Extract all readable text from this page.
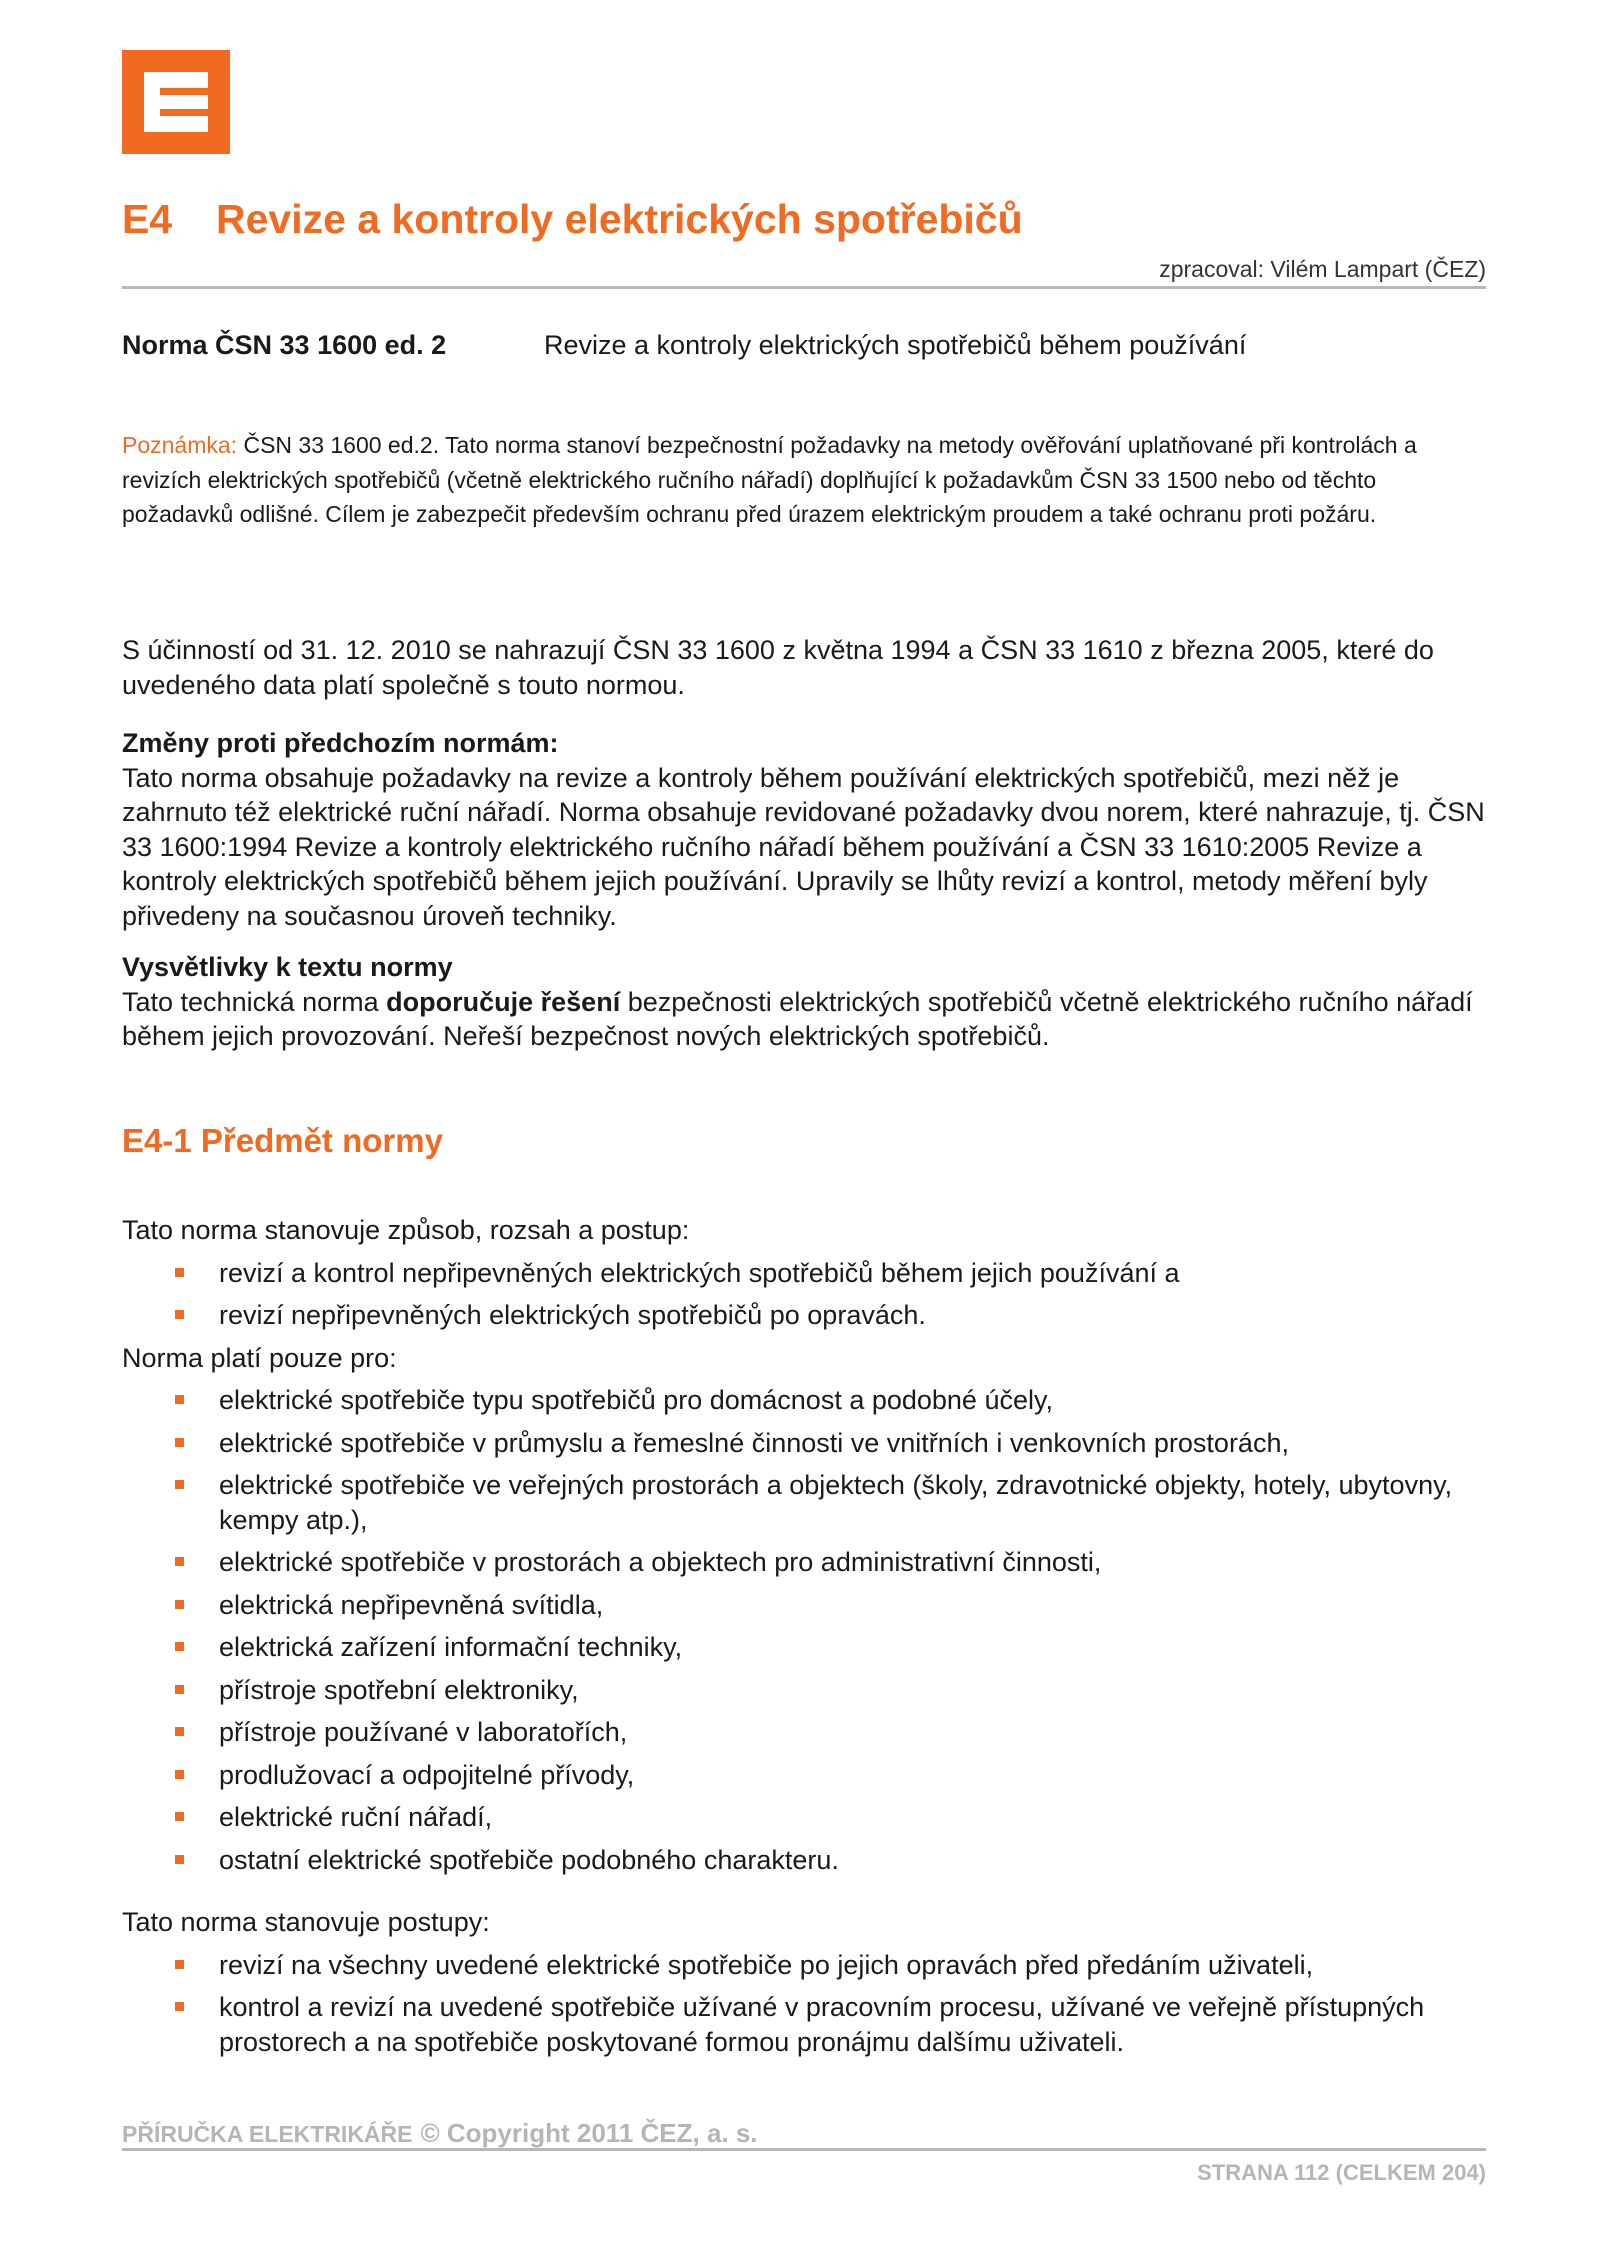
E4 Revize a kontroly elektrických spotřebičů
zpracoval: Vilém Lampart (ČEZ)
Norma ČSN 33 1600 ed. 2	Revize a kontroly elektrických spotřebičů během používání
Poznámka: ČSN 33 1600 ed.2. Tato norma stanoví bezpečnostní požadavky na metody ověřování uplatňované při kontrolách a revizích elektrických spotřebičů (včetně elektrického ručního nářadí) doplňující k požadavkům ČSN 33 1500 nebo od těchto požadavků odlišné. Cílem je zabezpečit především ochranu před úrazem elektrickým proudem a také ochranu proti požáru.
S účinností od 31. 12. 2010 se nahrazují ČSN 33 1600 z května 1994 a ČSN 33 1610 z března 2005, které do uvedeného data platí společně s touto normou.
Změny proti předchozím normám:
Tato norma obsahuje požadavky na revize a kontroly během používání elektrických spotřebičů, mezi něž je zahrnuto též elektrické ruční nářadí. Norma obsahuje revidované požadavky dvou norem, které nahrazuje, tj. ČSN 33 1600:1994 Revize a kontroly elektrického ručního nářadí během používání a ČSN 33 1610:2005 Revize a kontroly elektrických spotřebičů během jejich používání. Upravily se lhůty revizí a kontrol, metody měření byly přivedeny na současnou úroveň techniky.
Vysvětlivky k textu normy
Tato technická norma doporučuje řešení bezpečnosti elektrických spotřebičů včetně elektrického ručního nářadí během jejich provozování. Neřeší bezpečnost nových elektrických spotřebičů.
E4-1 Předmět normy
Tato norma stanovuje způsob, rozsah a postup:
revizí a kontrol nepřipevněných elektrických spotřebičů během jejich používání a
revizí nepřipevněných elektrických spotřebičů po opravách.
Norma platí pouze pro:
elektrické spotřebiče typu spotřebičů pro domácnost a podobné účely,
elektrické spotřebiče v průmyslu a řemeslné činnosti ve vnitřních i venkovních prostorách,
elektrické spotřebiče ve veřejných prostorách a objektech (školy, zdravotnické objekty, hotely, ubytovny, kempy atp.),
elektrické spotřebiče v prostorách a objektech pro administrativní činnosti,
elektrická nepřipevněná svítidla,
elektrická zařízení informační techniky,
přístroje spotřební elektroniky,
přístroje používané v laboratořích,
prodlužovací a odpojitelné přívody,
elektrické ruční nářadí,
ostatní elektrické spotřebiče podobného charakteru.
Tato norma stanovuje postupy:
revizí na všechny uvedené elektrické spotřebiče po jejich opravách před předáním uživateli,
kontrol a revizí na uvedené spotřebiče užívané v pracovním procesu, užívané ve veřejně přístupných prostorech a na spotřebiče poskytované formou pronájmu dalšímu uživateli.
PŘÍRUČKA ELEKTRIKÁŘE © Copyright 2011 ČEZ, a. s.
STRANA 112 (CELKEM 204)
